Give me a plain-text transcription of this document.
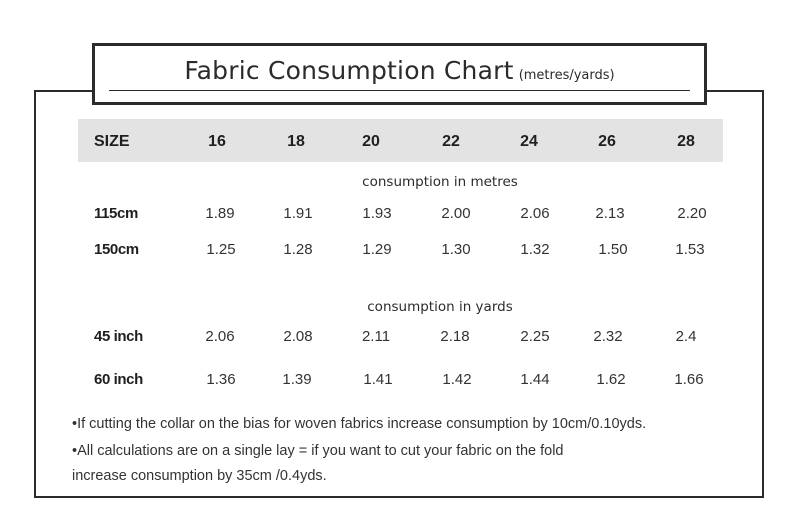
Fabric Consumption Chart (metres/yards)
SIZE	16	18	20	22	24	26	28
consumption in metres
115cm	1.89	1.91	1.93	2.00	2.06	2.13	2.20
150cm	1.25	1.28	1.29	1.30	1.32	1.50	1.53
consumption in yards
45 inch	2.06	2.08	2.11	2.18	2.25	2.32	2.4
60 inch	1.36	1.39	1.41	1.42	1.44	1.62	1.66
•If cutting the collar on the bias for woven fabrics increase consumption by 10cm/0.10yds.
•All calculations are on a single lay = if you want to cut your fabric on the fold
increase consumption by 35cm /0.4yds.
